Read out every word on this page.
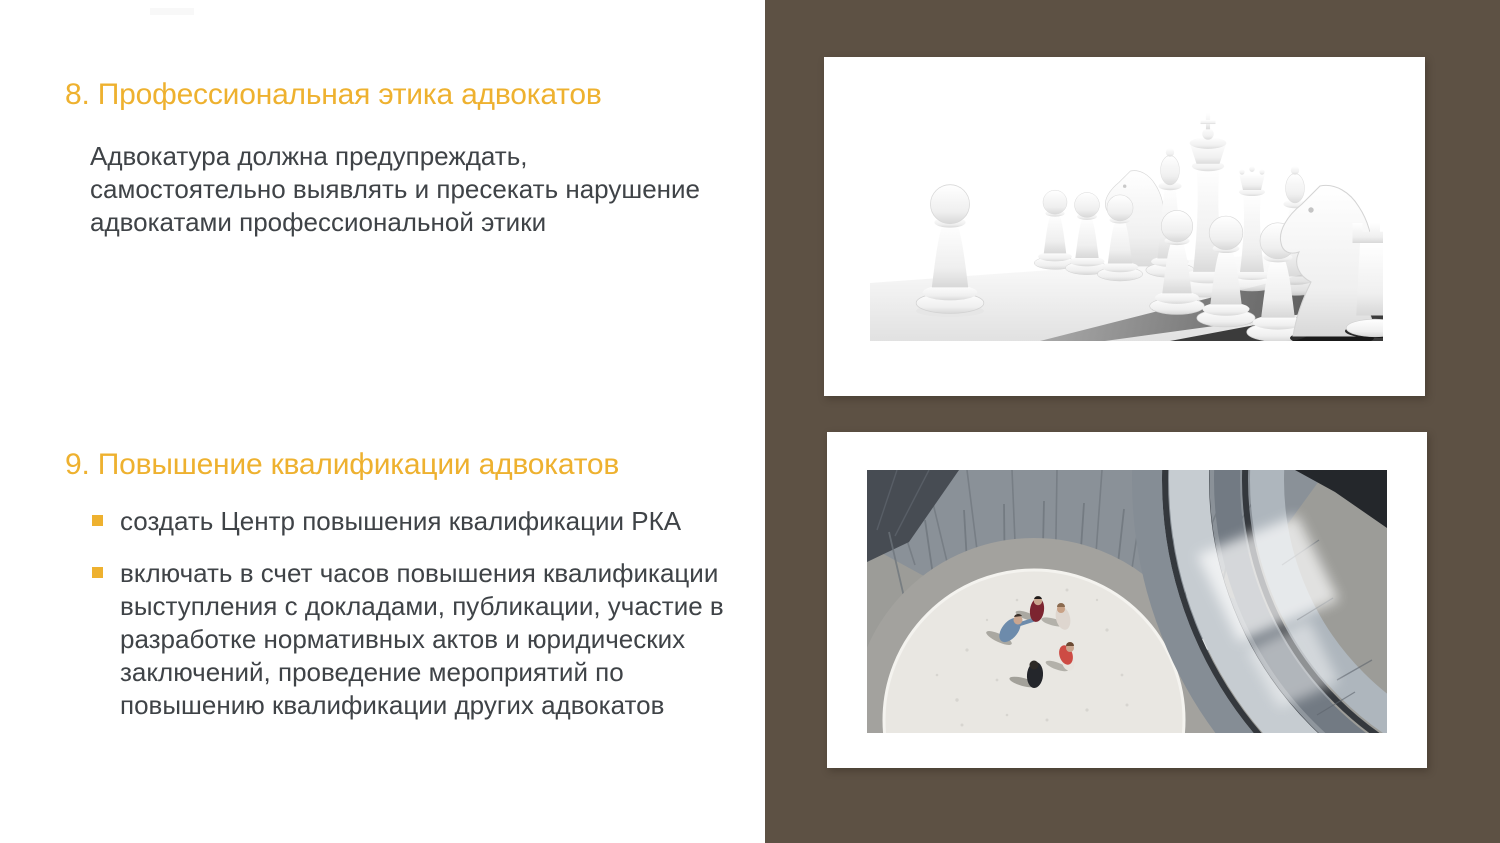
8. Профессиональная этика адвокатов

Адвокатура должна предупреждать, самостоятельно выявлять и пресекать нарушение адвокатами профессиональной этики

9. Повышение квалификации адвокатов

создать Центр повышения квалификации РКА

включать в счет часов повышения квалификации выступления с докладами, публикации, участие в разработке нормативных актов и юридических заключений, проведение мероприятий по повышению квалификации других адвокатов
